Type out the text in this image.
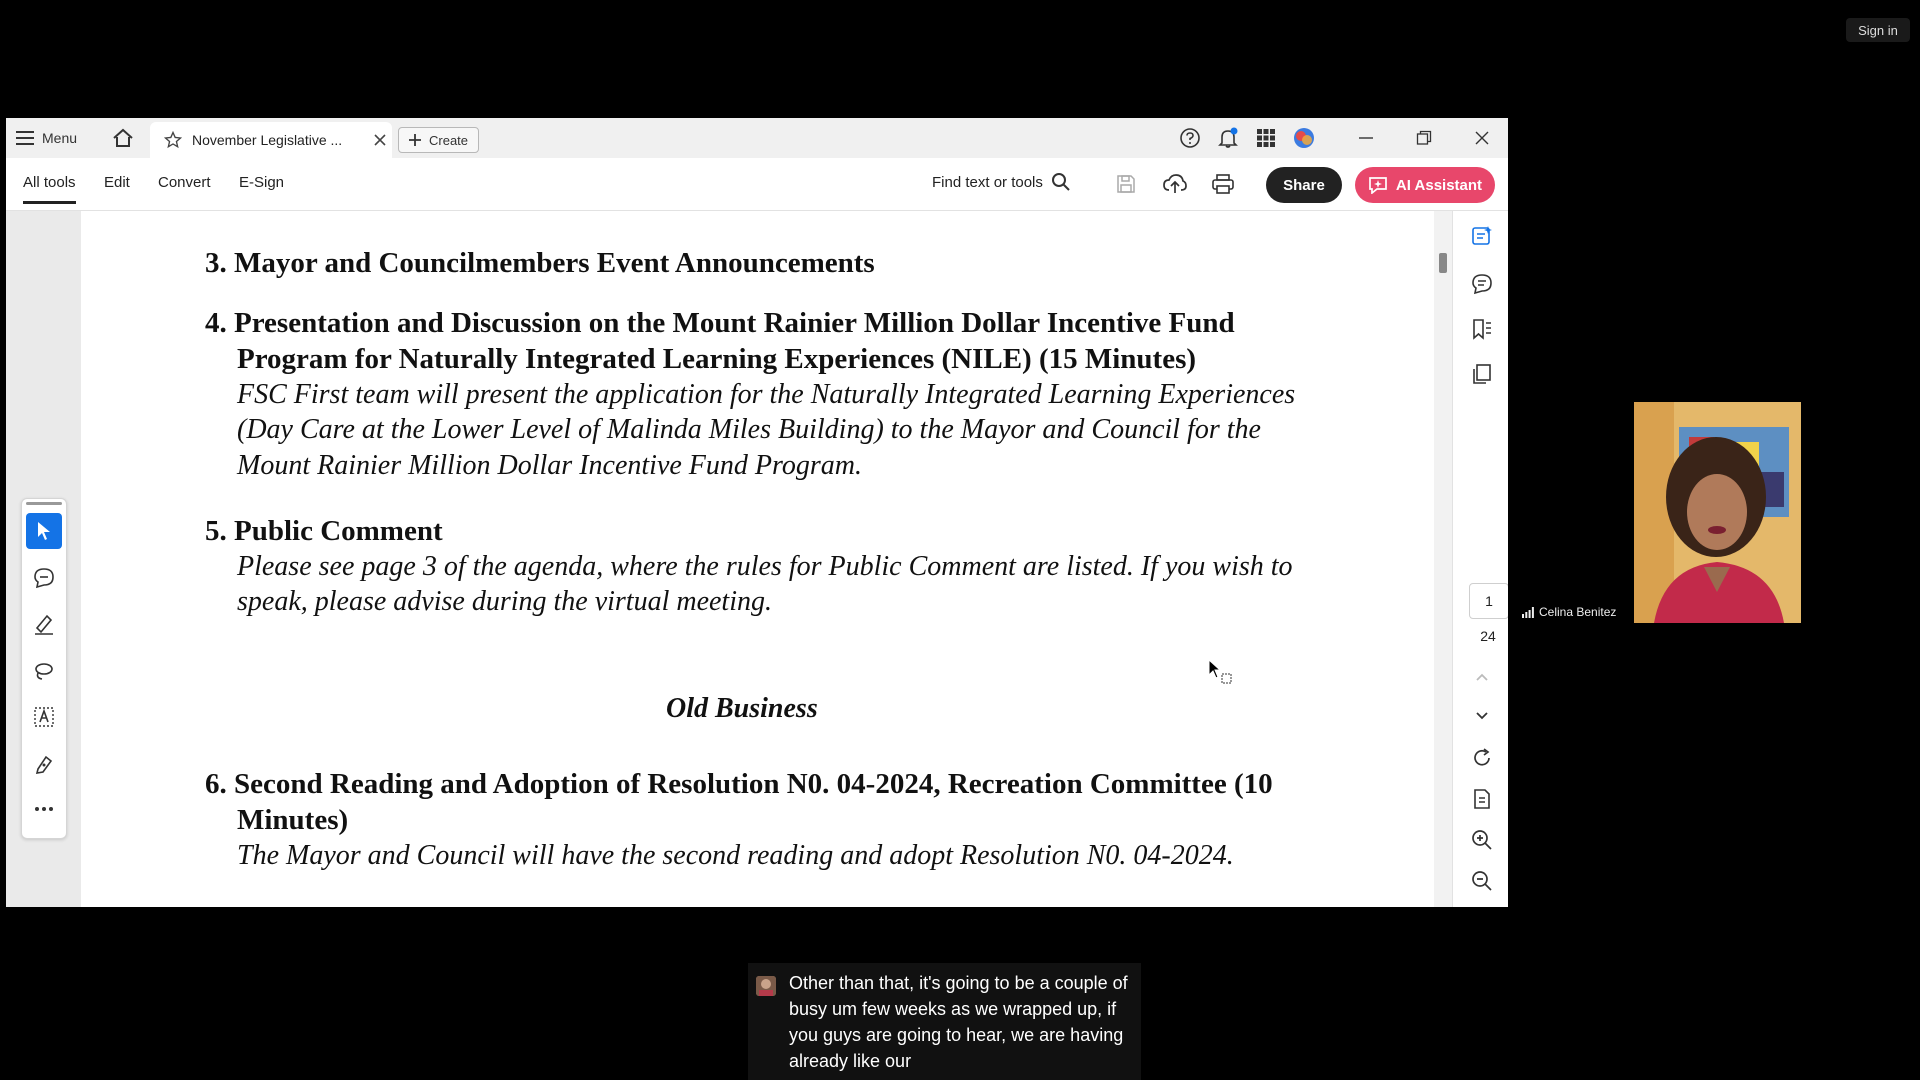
Sign in
Menu	November Legislative ...	Create
All tools Edit Convert E-Sign	Find text or tools	Share	AI Assistant
3. Mayor and Councilmembers Event Announcements
4. Presentation and Discussion on the Mount Rainier Million Dollar Incentive Fund
Program for Naturally Integrated Learning Experiences (NILE) (15 Minutes)
FSC First team will present the application for the Naturally Integrated Learning Experiences
(Day Care at the Lower Level of Malinda Miles Building) to the Mayor and Council for the
Mount Rainier Million Dollar Incentive Fund Program.
5. Public Comment
Please see page 3 of the agenda, where the rules for Public Comment are listed. If you wish to
speak, please advise during the virtual meeting.
Old Business
6. Second Reading and Adoption of Resolution N0. 04-2024, Recreation Committee (10
Minutes)
The Mayor and Council will have the second reading and adopt Resolution N0. 04-2024.
1
24
Celina Benitez
Other than that, it's going to be a couple of busy um few weeks as we wrapped up, if you guys are going to hear, we are having already like our
